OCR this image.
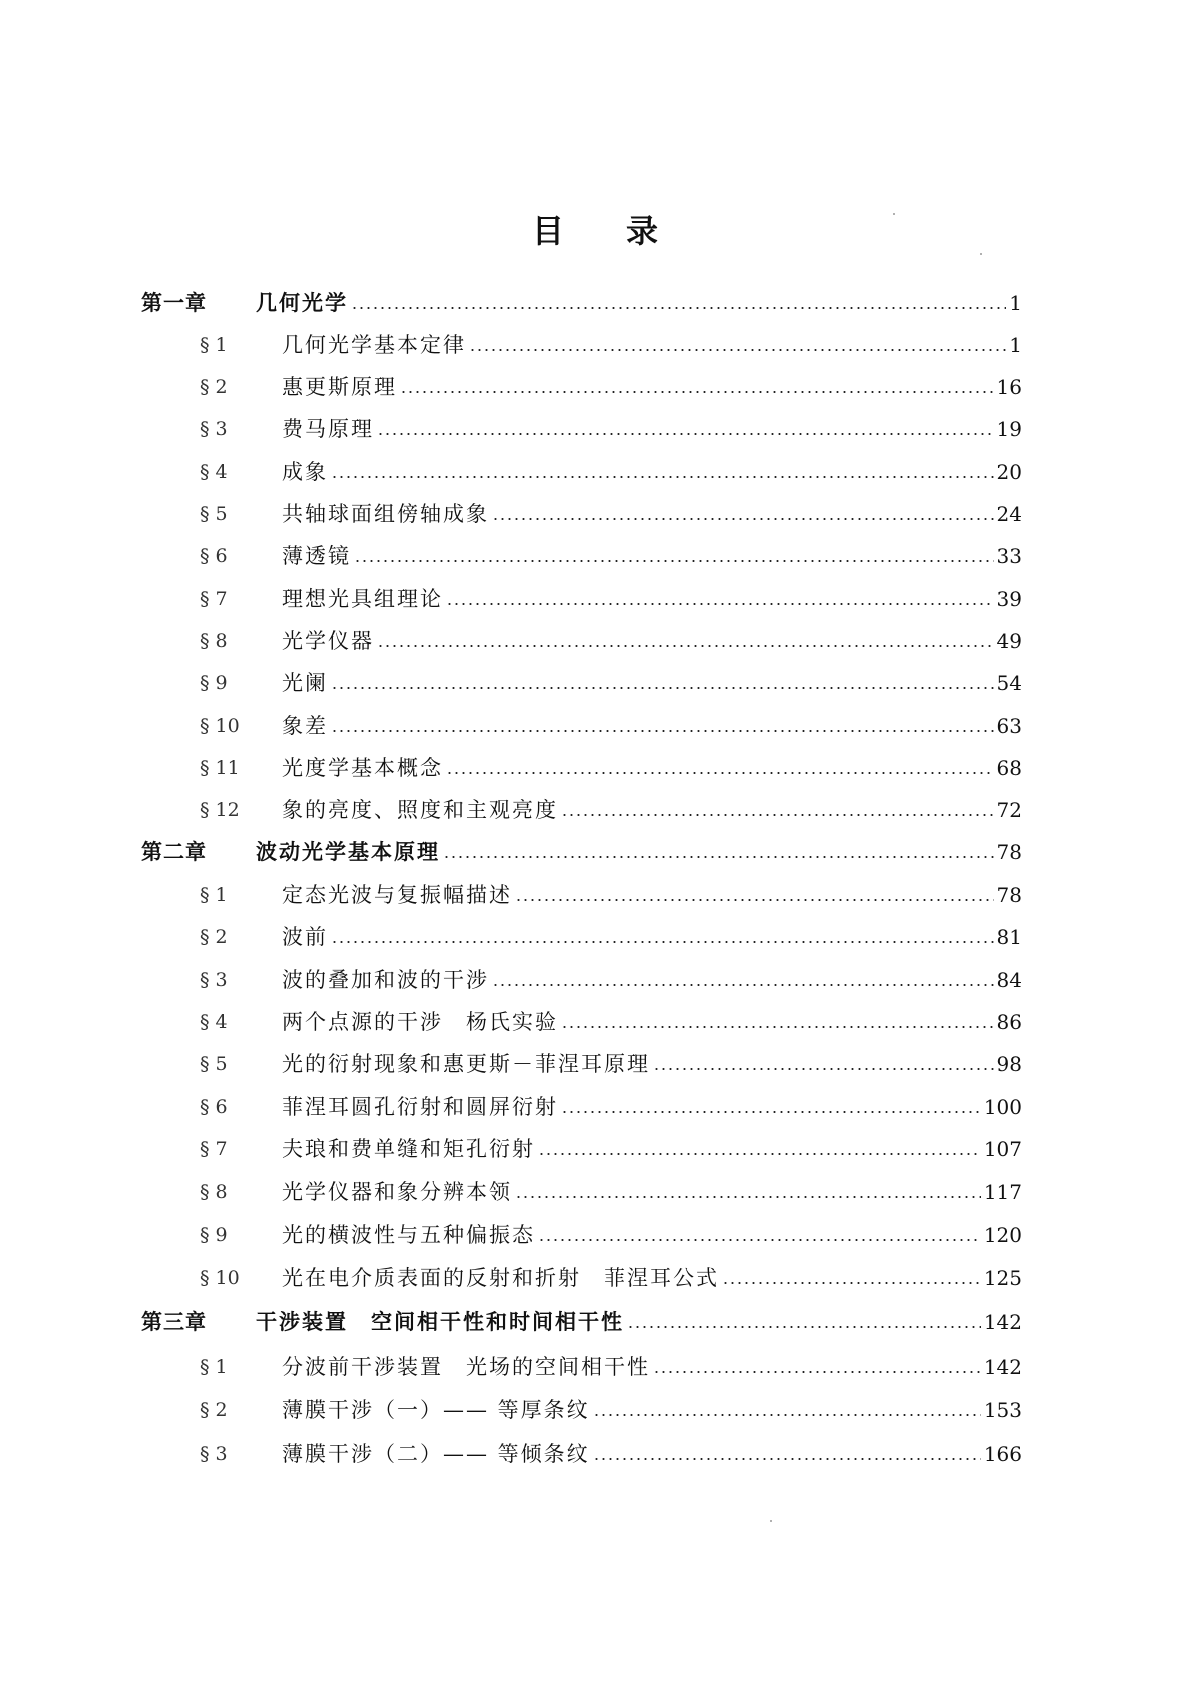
目 录
第一章	几何光学	1
§ 1	几何光学基本定律	1
§ 2	惠更斯原理	16
§ 3	费马原理	19
§ 4	成象	20
§ 5	共轴球面组傍轴成象	24
§ 6	薄透镜	33
§ 7	理想光具组理论	39
§ 8	光学仪器	49
§ 9	光阑	54
§ 10	象差	63
§ 11	光度学基本概念	68
§ 12	象的亮度、照度和主观亮度	72
第二章	波动光学基本原理	78
§ 1	定态光波与复振幅描述	78
§ 2	波前	81
§ 3	波的叠加和波的干涉	84
§ 4	两个点源的干涉　杨氏实验	86
§ 5	光的衍射现象和惠更斯－菲涅耳原理	98
§ 6	菲涅耳圆孔衍射和圆屏衍射	100
§ 7	夫琅和费单缝和矩孔衍射	107
§ 8	光学仪器和象分辨本领	117
§ 9	光的横波性与五种偏振态	120
§ 10	光在电介质表面的反射和折射　菲涅耳公式	125
第三章	干涉装置　空间相干性和时间相干性	142
§ 1	分波前干涉装置　光场的空间相干性	142
§ 2	薄膜干涉（一）—— 等厚条纹	153
§ 3	薄膜干涉（二）—— 等倾条纹	166
